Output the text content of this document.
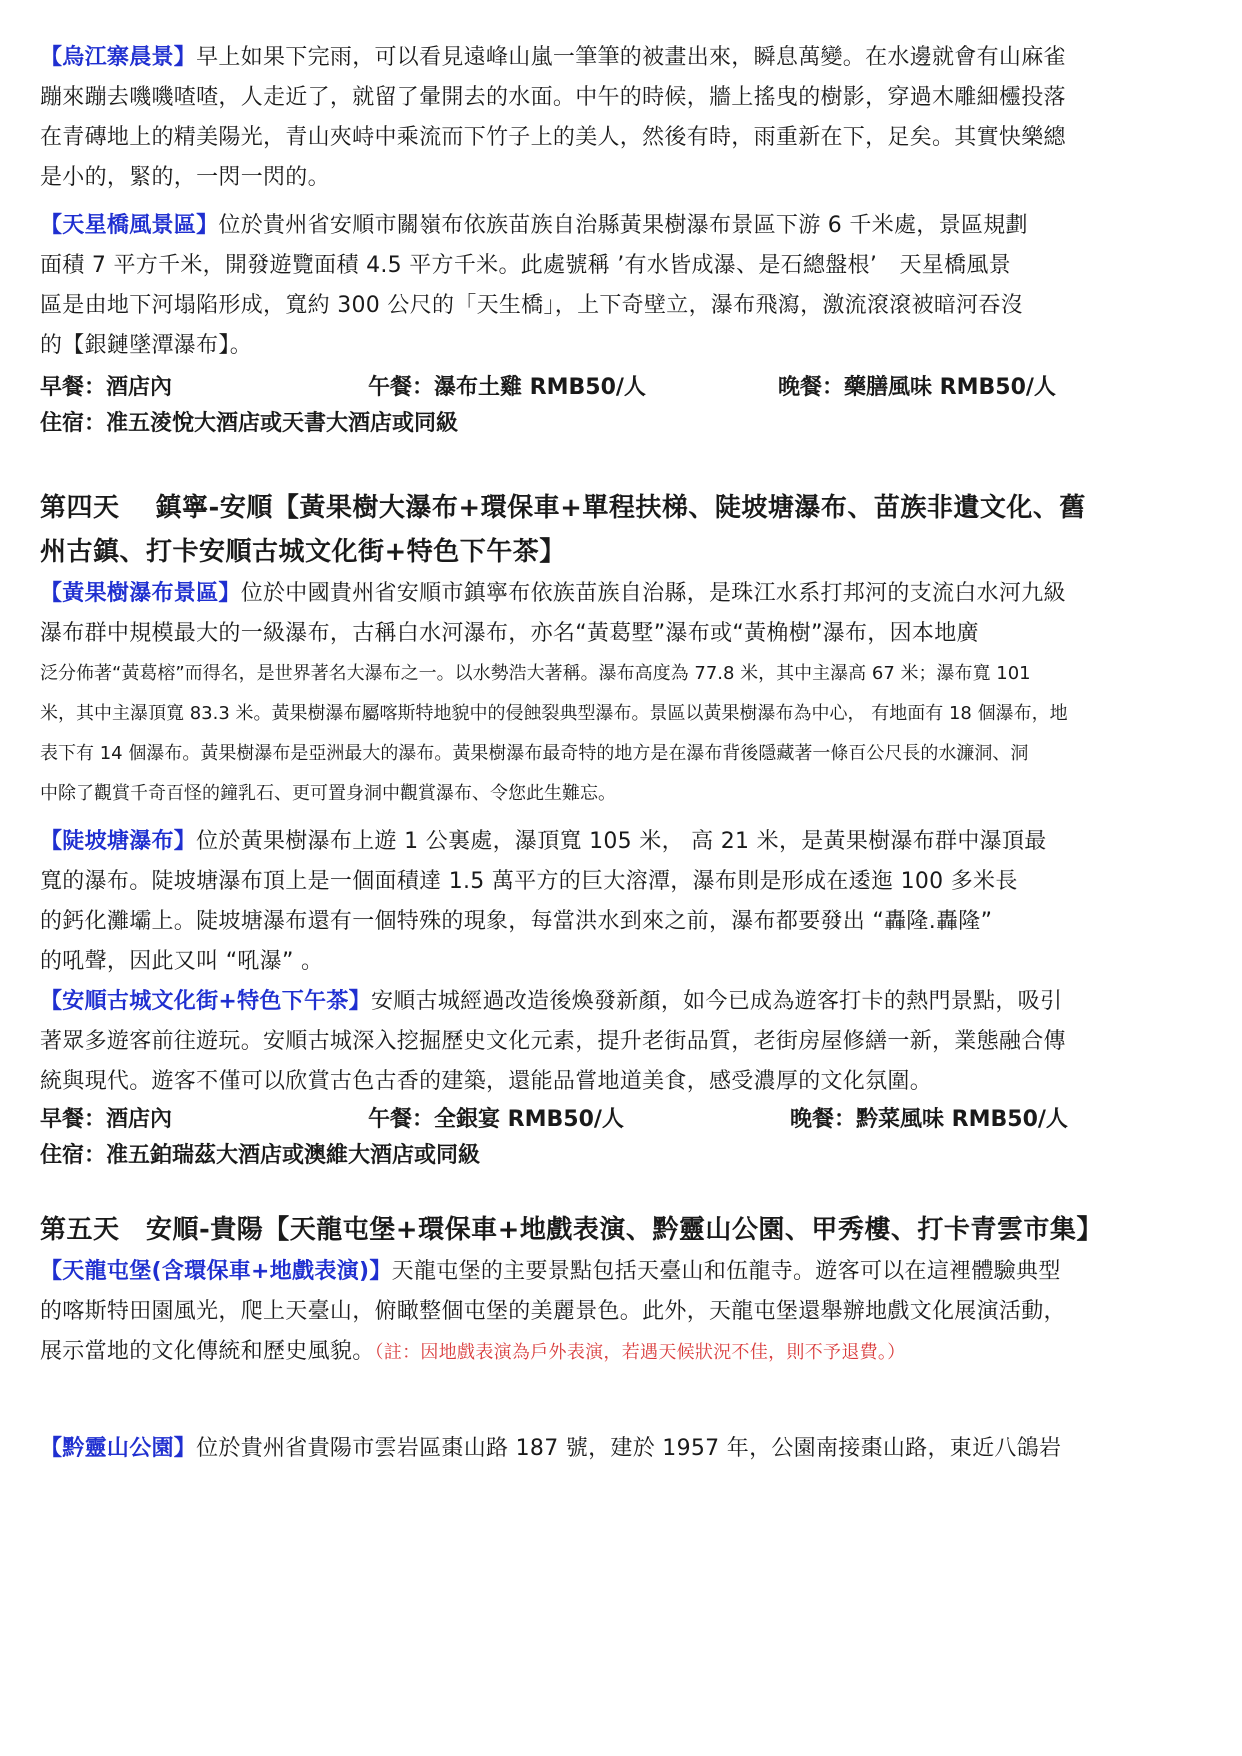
【烏江寨晨景】早上如果下完雨，可以看見遠峰山嵐一筆筆的被畫出來，瞬息萬變。在水邊就會有山麻雀

蹦來蹦去嘰嘰喳喳，人走近了，就留了暈開去的水面。中午的時候，牆上搖曳的樹影，穿過木雕細欞投落

在青磚地上的精美陽光，青山夾峙中乘流而下竹子上的美人，然後有時，雨重新在下，足矣。其實快樂總

是小的，緊的，一閃一閃的。

【天星橋風景區】位於貴州省安順市關嶺布依族苗族自治縣黃果樹瀑布景區下游 6 千米處，景區規劃

面積 7 平方千米，開發遊覽面積 4.5 平方千米。此處號稱 ’有水皆成瀑、是石總盤根’　天星橋風景

區是由地下河塌陷形成，寬約 300 公尺的「天生橋」，上下奇壁立，瀑布飛瀉，激流滾滾被暗河吞沒

的【銀鏈墜潭瀑布】。

早餐：酒店內	午餐：瀑布土雞 RMB50/人	晚餐：藥膳風味 RMB50/人
住宿：准五淩悅大酒店或天書大酒店或同級

第四天　 鎮寧-安順【黃果樹大瀑布+環保車+單程扶梯、陡坡塘瀑布、苗族非遺文化、舊

州古鎮、打卡安順古城文化街+特色下午茶】

【黃果樹瀑布景區】位於中國貴州省安順市鎮寧布依族苗族自治縣，是珠江水系打邦河的支流白水河九級

瀑布群中規模最大的一級瀑布，古稱白水河瀑布，亦名“黃葛墅”瀑布或“黃桷樹”瀑布，因本地廣

泛分佈著“黃葛榕”而得名，是世界著名大瀑布之一。以水勢浩大著稱。瀑布高度為 77.8 米，其中主瀑高 67 米；瀑布寬 101

米，其中主瀑頂寬 83.3 米。黃果樹瀑布屬喀斯特地貌中的侵蝕裂典型瀑布。景區以黃果樹瀑布為中心， 有地面有 18 個瀑布，地

表下有 14 個瀑布。黃果樹瀑布是亞洲最大的瀑布。黃果樹瀑布最奇特的地方是在瀑布背後隱藏著一條百公尺長的水濂洞、洞

中除了觀賞千奇百怪的鐘乳石、更可置身洞中觀賞瀑布、令您此生難忘。

【陡坡塘瀑布】位於黃果樹瀑布上遊 1 公裏處，瀑頂寬 105 米， 高 21 米，是黃果樹瀑布群中瀑頂最

寬的瀑布。陡坡塘瀑布頂上是一個面積達 1.5 萬平方的巨大溶潭，瀑布則是形成在逶迤 100 多米長

的鈣化灘壩上。陡坡塘瀑布還有一個特殊的現象，每當洪水到來之前，瀑布都要發出 “轟隆.轟隆”

的吼聲，因此又叫 “吼瀑” 。

【安順古城文化街+特色下午茶】安順古城經過改造後煥發新顏，如今已成為遊客打卡的熱門景點，吸引

著眾多遊客前往遊玩。安順古城深入挖掘歷史文化元素，提升老街品質，老街房屋修繕一新，業態融合傳

統與現代。遊客不僅可以欣賞古色古香的建築，還能品嘗地道美食，感受濃厚的文化氛圍。

早餐：酒店內	午餐：全銀宴 RMB50/人	晚餐：黔菜風味 RMB50/人
住宿：准五鉑瑞茲大酒店或澳維大酒店或同級

第五天　安順-貴陽【天龍屯堡+環保車+地戲表演、黔靈山公園、甲秀樓、打卡青雲市集】

【天龍屯堡(含環保車+地戲表演)】天龍屯堡的主要景點包括天臺山和伍龍寺。遊客可以在這裡體驗典型

的喀斯特田園風光，爬上天臺山，俯瞰整個屯堡的美麗景色。此外，天龍屯堡還舉辦地戲文化展演活動，

展示當地的文化傳統和歷史風貌。（註：因地戲表演為戶外表演，若遇天候狀況不佳，則不予退費。）

【黔靈山公園】位於貴州省貴陽市雲岩區棗山路 187 號，建於 1957 年，公園南接棗山路，東近八鴿岩
